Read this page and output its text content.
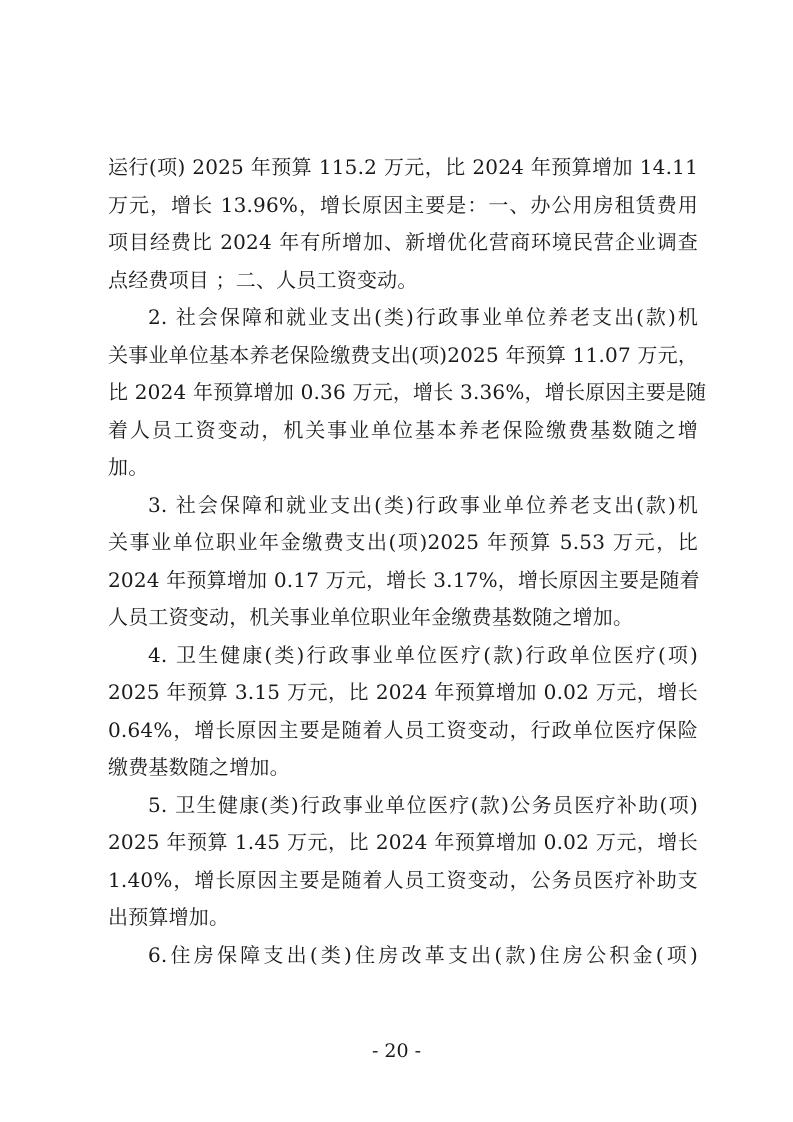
运行(项) 2025 年预算 115.2 万元，比 2024 年预算增加 14.11
万元，增长 13.96%，增长原因主要是：一、办公用房租赁费用
项目经费比 2024 年有所增加、新增优化营商环境民营企业调查
点经费项目 ；二、人员工资变动。
2. 社会保障和就业支出(类)行政事业单位养老支出(款)机
关事业单位基本养老保险缴费支出(项)2025 年预算 11.07 万元，
比 2024 年预算增加 0.36 万元，增长 3.36%，增长原因主要是随
着人员工资变动，机关事业单位基本养老保险缴费基数随之增
加。
3. 社会保障和就业支出(类)行政事业单位养老支出(款)机
关事业单位职业年金缴费支出(项)2025 年预算 5.53 万元，比
2024 年预算增加 0.17 万元，增长 3.17%，增长原因主要是随着
人员工资变动，机关事业单位职业年金缴费基数随之增加。
4. 卫生健康(类)行政事业单位医疗(款)行政单位医疗(项)
2025 年预算 3.15 万元，比 2024 年预算增加 0.02 万元，增长
0.64%，增长原因主要是随着人员工资变动，行政单位医疗保险
缴费基数随之增加。
5. 卫生健康(类)行政事业单位医疗(款)公务员医疗补助(项)
2025 年预算 1.45 万元，比 2024 年预算增加 0.02 万元，增长
1.40%，增长原因主要是随着人员工资变动，公务员医疗补助支
出预算增加。
6.住房保障支出(类)住房改革支出(款)住房公积金(项)
- 20 -
